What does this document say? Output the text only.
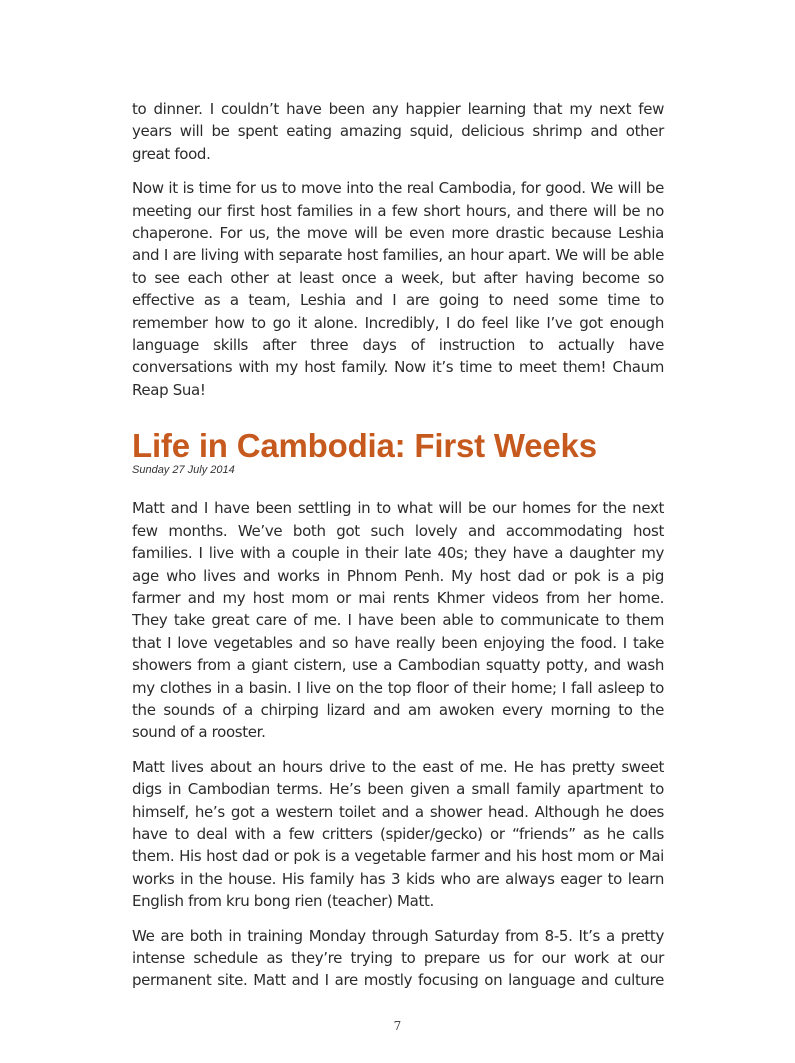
to dinner. I couldn’t have been any happier learning that my next few years will be spent eating amazing squid, delicious shrimp and other great food.

Now it is time for us to move into the real Cambodia, for good. We will be meeting our first host families in a few short hours, and there will be no chaperone. For us, the move will be even more drastic because Leshia and I are living with separate host families, an hour apart. We will be able to see each other at least once a week, but after having become so effective as a team, Leshia and I are going to need some time to remember how to go it alone. Incredibly, I do feel like I’ve got enough language skills after three days of instruction to actually have conversations with my host family. Now it’s time to meet them! Chaum Reap Sua!

Life in Cambodia: First Weeks
Sunday 27 July 2014

Matt and I have been settling in to what will be our homes for the next few months. We’ve both got such lovely and accommodating host families. I live with a couple in their late 40s; they have a daughter my age who lives and works in Phnom Penh. My host dad or pok is a pig farmer and my host mom or mai rents Khmer videos from her home. They take great care of me. I have been able to communicate to them that I love vegetables and so have really been enjoying the food. I take showers from a giant cistern, use a Cambodian squatty potty, and wash my clothes in a basin. I live on the top floor of their home; I fall asleep to the sounds of a chirping lizard and am awoken every morning to the sound of a rooster.

Matt lives about an hours drive to the east of me. He has pretty sweet digs in Cambodian terms. He’s been given a small family apartment to himself, he’s got a western toilet and a shower head. Although he does have to deal with a few critters (spider/gecko) or “friends” as he calls them. His host dad or pok is a vegetable farmer and his host mom or Mai works in the house. His family has 3 kids who are always eager to learn English from kru bong rien (teacher) Matt.

We are both in training Monday through Saturday from 8-5. It’s a pretty intense schedule as they’re trying to prepare us for our work at our permanent site. Matt and I are mostly focusing on language and culture

7
